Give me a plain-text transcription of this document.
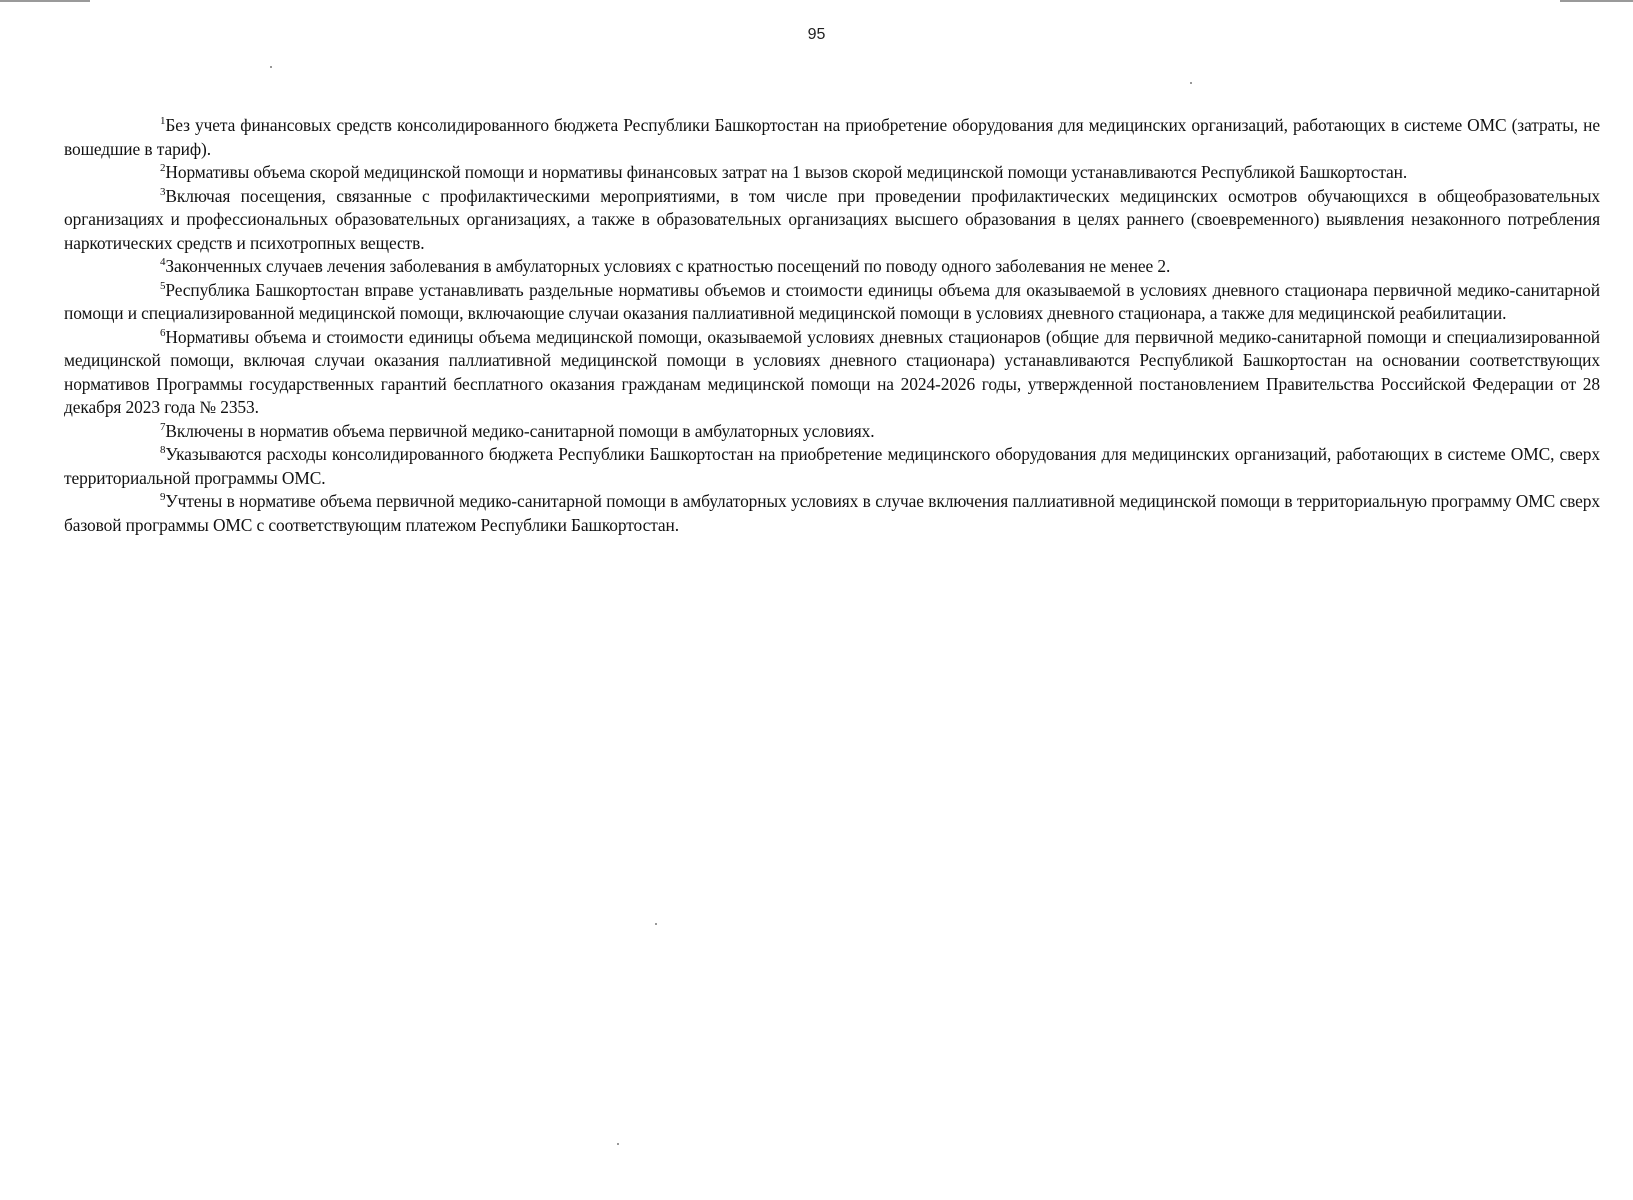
95

$^1$Без учета финансовых средств консолидированного бюджета Республики Башкортостан на приобретение оборудования для медицинских организаций, работающих в системе ОМС (затраты, не вошедшие в тариф).

$^2$Нормативы объема скорой медицинской помощи и нормативы финансовых затрат на 1 вызов скорой медицинской помощи устанавливаются Республикой Башкортостан.

$^3$Включая посещения, связанные с профилактическими мероприятиями, в том числе при проведении профилактических медицинских осмотров обучающихся в общеобразовательных организациях и профессиональных образовательных организациях, а также в образовательных организациях высшего образования в целях раннего (своевременного) выявления незаконного потребления наркотических средств и психотропных веществ.

$^4$Законченных случаев лечения заболевания в амбулаторных условиях с кратностью посещений по поводу одного заболевания не менее 2.

$^5$Республика Башкортостан вправе устанавливать раздельные нормативы объемов и стоимости единицы объема для оказываемой в условиях дневного стационара первичной медико-санитарной помощи и специализированной медицинской помощи, включающие случаи оказания паллиативной медицинской помощи в условиях дневного стационара, а также для медицинской реабилитации.

$^6$Нормативы объема и стоимости единицы объема медицинской помощи, оказываемой условиях дневных стационаров (общие для первичной медико-санитарной помощи и специализированной медицинской помощи, включая случаи оказания паллиативной медицинской помощи в условиях дневного стационара) устанавливаются Республикой Башкортостан на основании соответствующих нормативов Программы государственных гарантий бесплатного оказания гражданам медицинской помощи на 2024-2026 годы, утвержденной постановлением Правительства Российской Федерации от 28 декабря 2023 года № 2353.

$^7$Включены в норматив объема первичной медико-санитарной помощи в амбулаторных условиях.

$^8$Указываются расходы консолидированного бюджета Республики Башкортостан на приобретение медицинского оборудования для медицинских организаций, работающих в системе ОМС, сверх территориальной программы ОМС.

$^9$Учтены в нормативе объема первичной медико-санитарной помощи в амбулаторных условиях в случае включения паллиативной медицинской помощи в территориальную программу ОМС сверх базовой программы ОМС с соответствующим платежом Республики Башкортостан.
